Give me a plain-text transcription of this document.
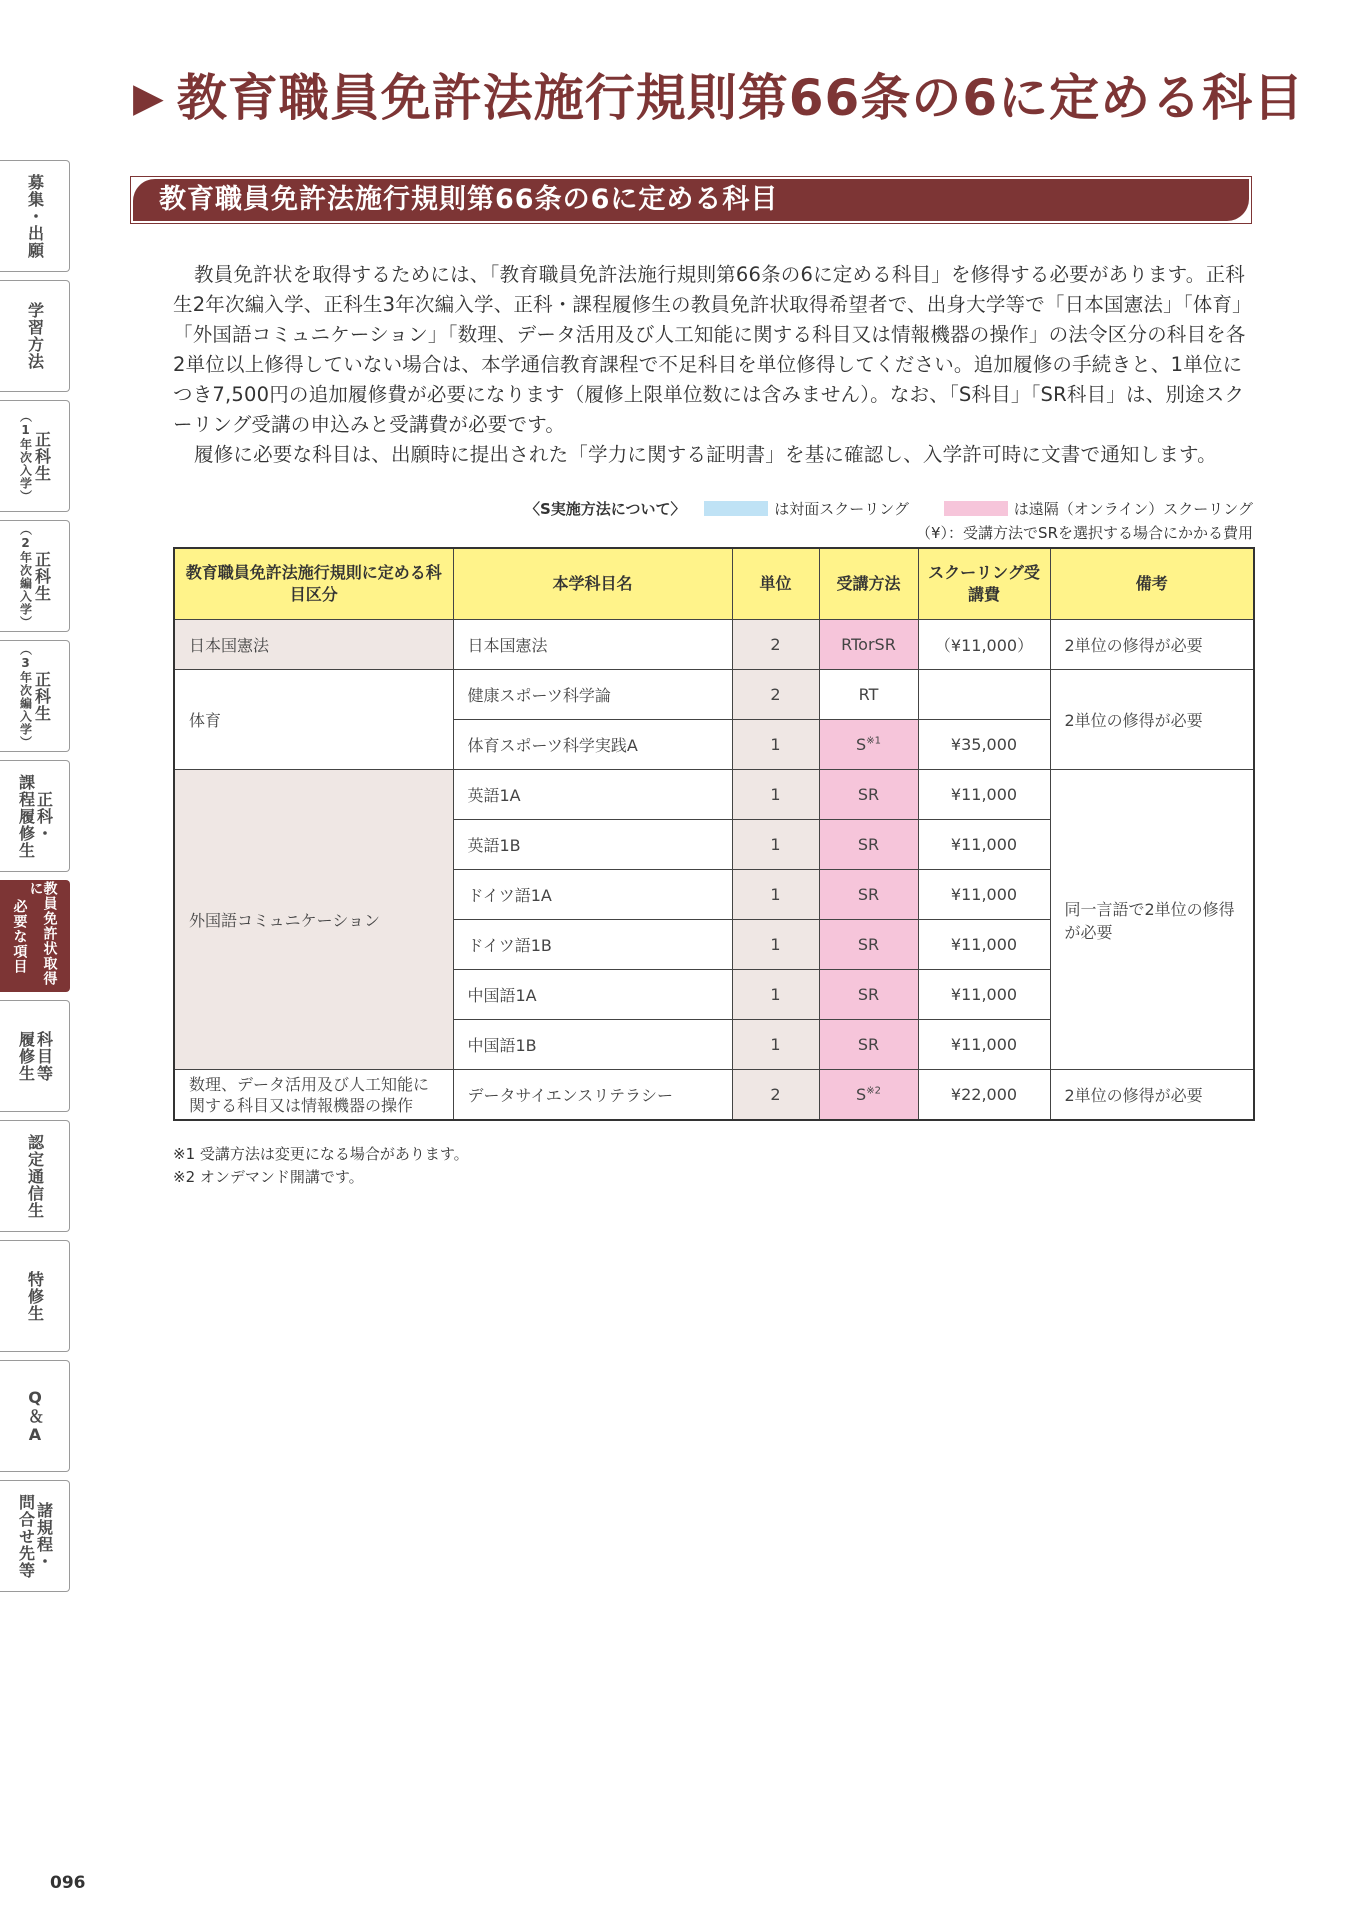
募集・出願
学習方法
正科生
（1年次入学）
正科生
（2年次編入学）
正科生
（3年次編入学）
正科・
課程履修生
教員免許状取得に
必要な項目
科目等
履修生
認定通信生
特修生
Q＆A
諸規程・
問合せ先等
▶ 教育職員免許法施行規則第66条の6に定める科目
教育職員免許法施行規則第66条の6に定める科目

教員免許状を取得するためには、「教育職員免許法施行規則第66条の6に定める科目」を修得する必要があります。正科生2年次編入学、正科生3年次編入学、正科・課程履修生の教員免許状取得希望者で、出身大学等で「日本国憲法」「体育」「外国語コミュニケーション」「数理、データ活用及び人工知能に関する科目又は情報機器の操作」の法令区分の科目を各2単位以上修得していない場合は、本学通信教育課程で不足科目を単位修得してください。追加履修の手続きと、1単位につき7,500円の追加履修費が必要になります（履修上限単位数には含みません）。なお、「S科目」「SR科目」は、別途スクーリング受講の申込みと受講費が必要です。

履修に必要な科目は、出願時に提出された「学力に関する証明書」を基に確認し、入学許可時に文書で通知します。

〈S実施方法について〉	は対面スクーリング	は遠隔（オンライン）スクーリング
（¥）：受講方法でSRを選択する場合にかかる費用
教育職員免許法施行規則に定める科目区分	本学科目名	単位	受講方法	スクーリング受講費	備考
日本国憲法	日本国憲法	2	RTorSR	（¥11,000）	2単位の修得が必要
体育	健康スポーツ科学論	2	RT		2単位の修得が必要
	体育スポーツ科学実践A	1	$S^{※1}$	¥35,000	
外国語コミュニケーション	英語1A	1	SR	¥11,000	同一言語で2単位の修得が必要
	英語1B	1	SR	¥11,000	
	ドイツ語1A	1	SR	¥11,000	
	ドイツ語1B	1	SR	¥11,000	
	中国語1A	1	SR	¥11,000	
	中国語1B	1	SR	¥11,000	
数理、データ活用及び人工知能に関する科目又は情報機器の操作	データサイエンスリテラシー	2	$S^{※2}$	¥22,000	2単位の修得が必要
※1 受講方法は変更になる場合があります。
※2 オンデマンド開講です。
096
